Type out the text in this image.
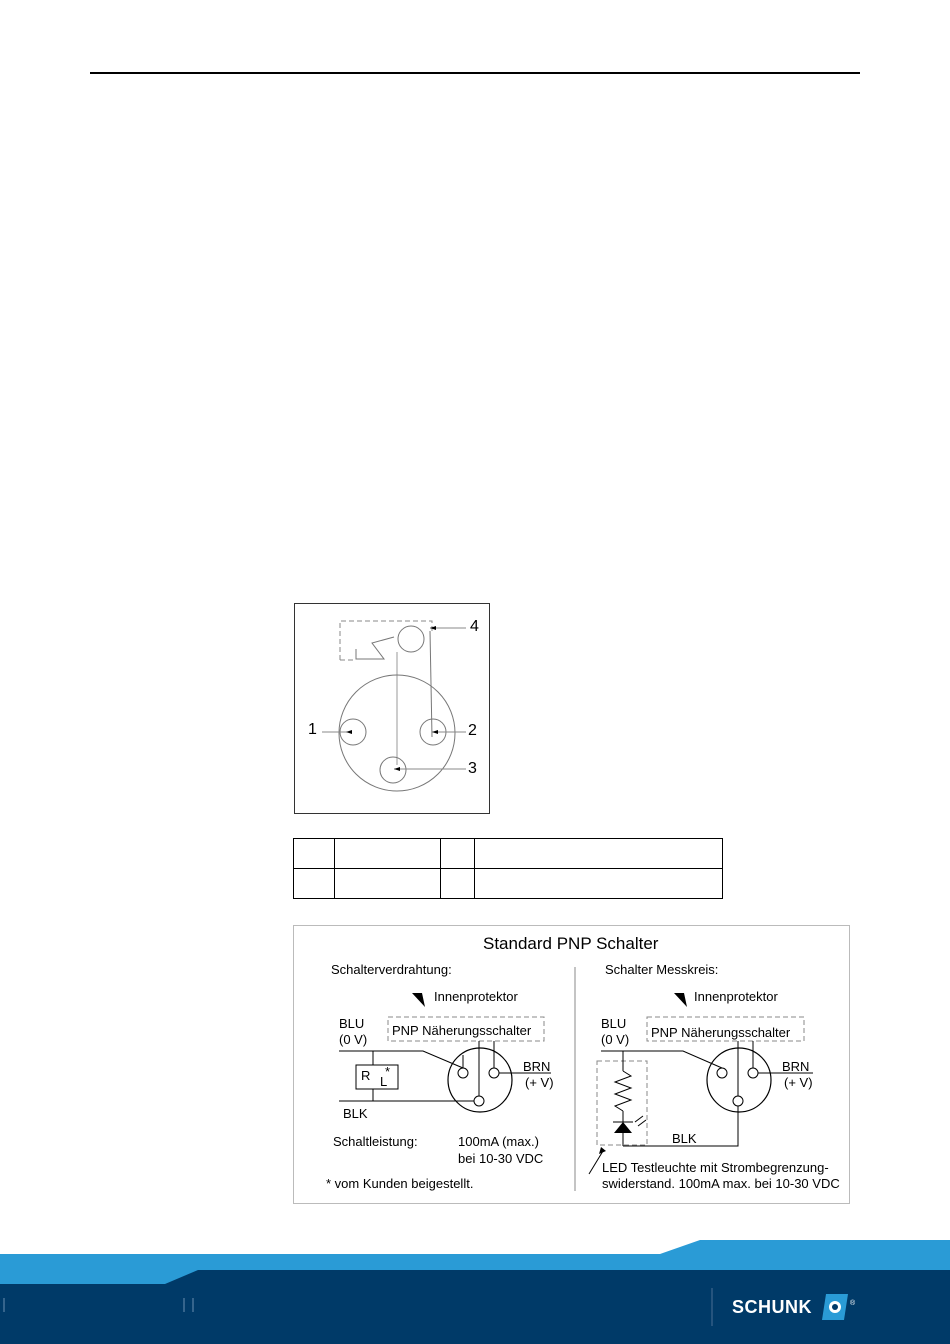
1	2
3
4

Standard PNP Schalter
Schalterverdrahtung:
Innenprotektor
PNP Näherungsschalter
BLU
(0 V)
BRN
(+ V)
R *
L
BLK
Schaltleistung:	100mA (max.)
bei 10-30 VDC
* vom Kunden beigestellt.
Schalter Messkreis:
Innenprotektor
PNP Näherungsschalter
BLU
(0 V)
BRN
(+ V)
BLK
LED Testleuchte mit Strombegrenzung-
swiderstand. 100mA max. bei 10-30 VDC
SCHUNK	®
